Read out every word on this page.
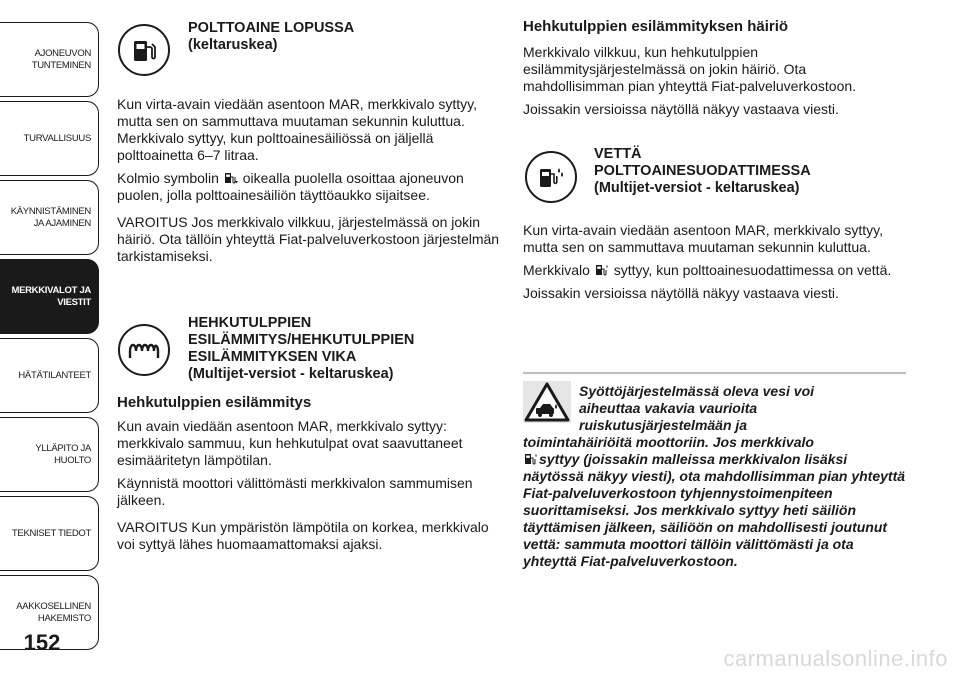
AJONEUVON
TUNTEMINEN
TURVALLISUUS
KÄYNNISTÄMINEN
JA AJAMINEN
MERKKIVALOT JA
VIESTIT
HÄTÄTILANTEET
YLLÄPITO JA HUOLTO
TEKNISET TIEDOT
AAKKOSELLINEN
HAKEMISTO
152
POLTTOAINE LOPUSSA
(keltaruskea)

Kun virta-avain viedään asentoon MAR, merkkivalo syttyy, mutta sen on sammuttava muutaman sekunnin kuluttua. Merkkivalo syttyy, kun polttoainesäiliössä on jäljellä polttoainetta 6–7 litraa.

Kolmio symbolin oikealla puolella osoittaa ajoneuvon puolen, jolla polttoainesäiliön täyttöaukko sijaitsee.

VAROITUS Jos merkkivalo vilkkuu, järjestelmässä on jokin häiriö. Ota tällöin yhteyttä Fiat-palveluverkostoon järjestelmän tarkistamiseksi.

HEHKUTULPPIEN
ESILÄMMITYS/HEHKUTULPPIEN
ESILÄMMITYKSEN VIKA
(Multijet-versiot - keltaruskea)

Hehkutulppien esilämmitys

Kun avain viedään asentoon MAR, merkkivalo syttyy: merkkivalo sammuu, kun hehkutulpat ovat saavuttaneet esimääritetyn lämpötilan.

Käynnistä moottori välittömästi merkkivalon sammumisen jälkeen.

VAROITUS Kun ympäristön lämpötila on korkea, merkkivalo voi syttyä lähes huomaamattomaksi ajaksi.

Hehkutulppien esilämmityksen häiriö

Merkkivalo vilkkuu, kun hehkutulppien esilämmitysjärjestelmässä on jokin häiriö. Ota mahdollisimman pian yhteyttä Fiat-palveluverkostoon.

Joissakin versioissa näytöllä näkyy vastaava viesti.

VETTÄ
POLTTOAINESUODATTIMESSA
(Multijet-versiot - keltaruskea)

Kun virta-avain viedään asentoon MAR, merkkivalo syttyy, mutta sen on sammuttava muutaman sekunnin kuluttua.

Merkkivalo syttyy, kun polttoainesuodattimessa on vettä.

Joissakin versioissa näytöllä näkyy vastaava viesti.

Syöttöjärjestelmässä oleva vesi voi
aiheuttaa vakavia vaurioita
ruiskutusjärjestelmään ja
toimintahäiriöitä moottoriin. Jos merkkivalo
syttyy (joissakin malleissa merkkivalon lisäksi näytössä näkyy viesti), ota mahdollisimman pian yhteyttä Fiat-palveluverkostoon tyhjennystoimenpiteen suorittamiseksi. Jos merkkivalo syttyy heti säiliön täyttämisen jälkeen, säiliöön on mahdollisesti joutunut vettä: sammuta moottori tällöin välittömästi ja ota yhteyttä Fiat-palveluverkostoon.
carmanualsonline.info
